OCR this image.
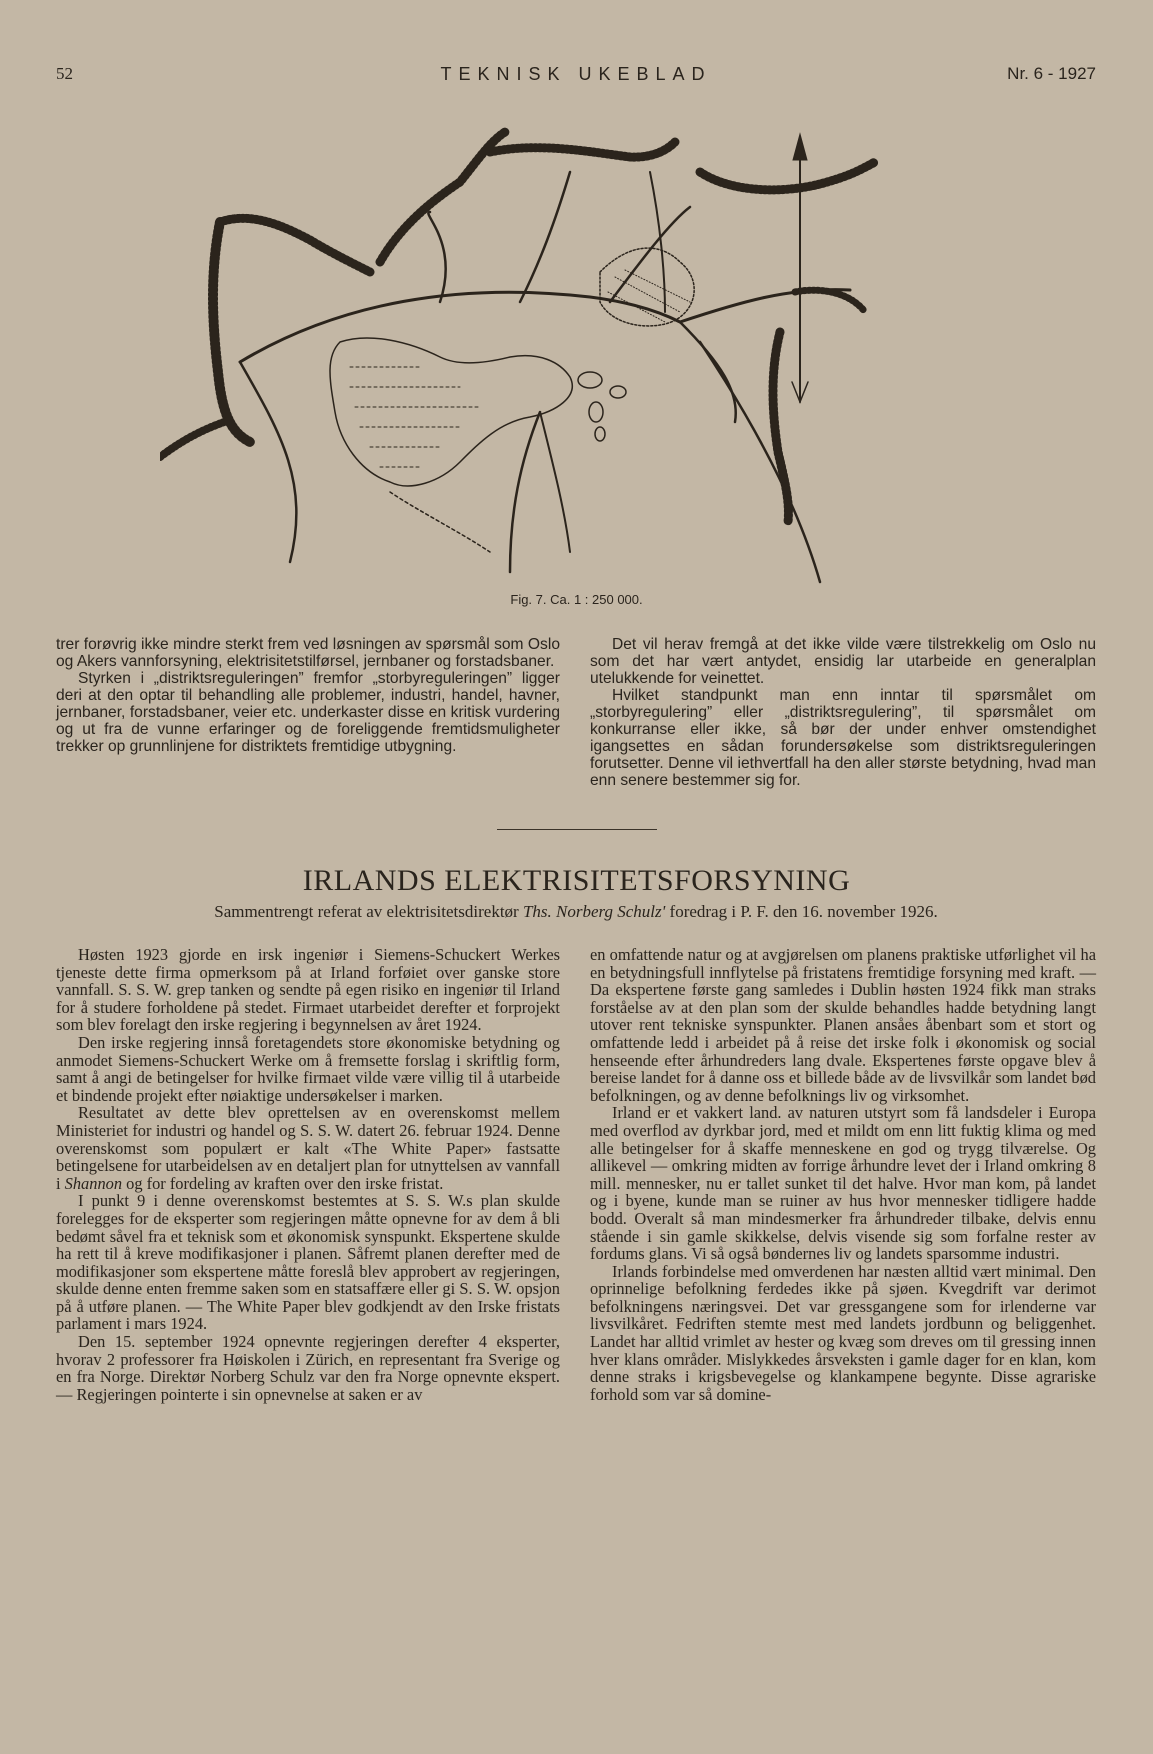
52	TEKNISK UKEBLAD	Nr. 6 - 1927
Fig. 7. Ca. 1 : 250 000.

trer forøvrig ikke mindre sterkt frem ved løsningen av spørsmål som Oslo og Akers vannforsyning, elektrisitetstilførsel, jernbaner og forstadsbaner.

Styrken i „distriktsreguleringen” fremfor „storbyreguleringen” ligger deri at den optar til behandling alle problemer, industri, handel, havner, jernbaner, forstadsbaner, veier etc. underkaster disse en kritisk vurdering og ut fra de vunne erfaringer og de foreliggende fremtidsmuligheter trekker op grunnlinjene for distriktets fremtidige utbygning.

Det vil herav fremgå at det ikke vilde være tilstrekkelig om Oslo nu som det har vært antydet, ensidig lar utarbeide en generalplan utelukkende for veinettet.

Hvilket standpunkt man enn inntar til spørsmålet om „storbyregulering” eller „distriktsregulering”, til spørsmålet om konkurranse eller ikke, så bør der under enhver omstendighet igangsettes en sådan forundersøkelse som distriktsreguleringen forutsetter. Denne vil iethvertfall ha den aller største betydning, hvad man enn senere bestemmer sig for.

IRLANDS ELEKTRISITETSFORSYNING
Sammentrengt referat av elektrisitetsdirektør Ths. Norberg Schulz' foredrag i P. F. den 16. november 1926.

Høsten 1923 gjorde en irsk ingeniør i Siemens-Schuckert Werkes tjeneste dette firma opmerksom på at Irland forføiet over ganske store vannfall. S. S. W. grep tanken og sendte på egen risiko en ingeniør til Irland for å studere forholdene på stedet. Firmaet utarbeidet derefter et forprojekt som blev forelagt den irske regjering i begynnelsen av året 1924.

Den irske regjering innså foretagendets store økonomiske betydning og anmodet Siemens-Schuckert Werke om å fremsette forslag i skriftlig form, samt å angi de betingelser for hvilke firmaet vilde være villig til å utarbeide et bindende projekt efter nøiaktige undersøkelser i marken.

Resultatet av dette blev oprettelsen av en overenskomst mellem Ministeriet for industri og handel og S. S. W. datert 26. februar 1924. Denne overenskomst som populært er kalt «The White Paper» fastsatte betingelsene for utarbeidelsen av en detaljert plan for utnyttelsen av vannfall i Shannon og for fordeling av kraften over den irske fristat.

I punkt 9 i denne overenskomst bestemtes at S. S. W.s plan skulde forelegges for de eksperter som regjeringen måtte opnevne for av dem å bli bedømt såvel fra et teknisk som et økonomisk synspunkt. Ekspertene skulde ha rett til å kreve modifikasjoner i planen. Såfremt planen derefter med de modifikasjoner som ekspertene måtte foreslå blev approbert av regjeringen, skulde denne enten fremme saken som en statsaffære eller gi S. S. W. opsjon på å utføre planen. — The White Paper blev godkjendt av den Irske fristats parlament i mars 1924.

Den 15. september 1924 opnevnte regjeringen derefter 4 eksperter, hvorav 2 professorer fra Høiskolen i Zürich, en representant fra Sverige og en fra Norge. Direktør Norberg Schulz var den fra Norge opnevnte ekspert. — Regjeringen pointerte i sin opnevnelse at saken er av

en omfattende natur og at avgjørelsen om planens praktiske utførlighet vil ha en betydningsfull innflytelse på fristatens fremtidige forsyning med kraft. — Da ekspertene første gang samledes i Dublin høsten 1924 fikk man straks forståelse av at den plan som der skulde behandles hadde betydning langt utover rent tekniske synspunkter. Planen ansåes åbenbart som et stort og omfattende ledd i arbeidet på å reise det irske folk i økonomisk og social henseende efter århundreders lang dvale. Ekspertenes første opgave blev å bereise landet for å danne oss et billede både av de livsvilkår som landet bød befolkningen, og av denne befolknings liv og virksomhet.

Irland er et vakkert land. av naturen utstyrt som få landsdeler i Europa med overflod av dyrkbar jord, med et mildt om enn litt fuktig klima og med alle betingelser for å skaffe menneskene en god og trygg tilværelse. Og allikevel — omkring midten av forrige århundre levet der i Irland omkring 8 mill. mennesker, nu er tallet sunket til det halve. Hvor man kom, på landet og i byene, kunde man se ruiner av hus hvor mennesker tidligere hadde bodd. Overalt så man mindesmerker fra århundreder tilbake, delvis ennu stående i sin gamle skikkelse, delvis visende sig som forfalne rester av fordums glans. Vi så også bøndernes liv og landets sparsomme industri.

Irlands forbindelse med omverdenen har næsten alltid vært minimal. Den oprinnelige befolkning ferdedes ikke på sjøen. Kvegdrift var derimot befolkningens næringsvei. Det var gressgangene som for irlenderne var livsvilkåret. Fedriften stemte mest med landets jordbunn og beliggenhet. Landet har alltid vrimlet av hester og kvæg som dreves om til gressing innen hver klans områder. Mislykkedes årsveksten i gamle dager for en klan, kom denne straks i krigsbevegelse og klankampene begynte. Disse agrariske forhold som var så domine-
